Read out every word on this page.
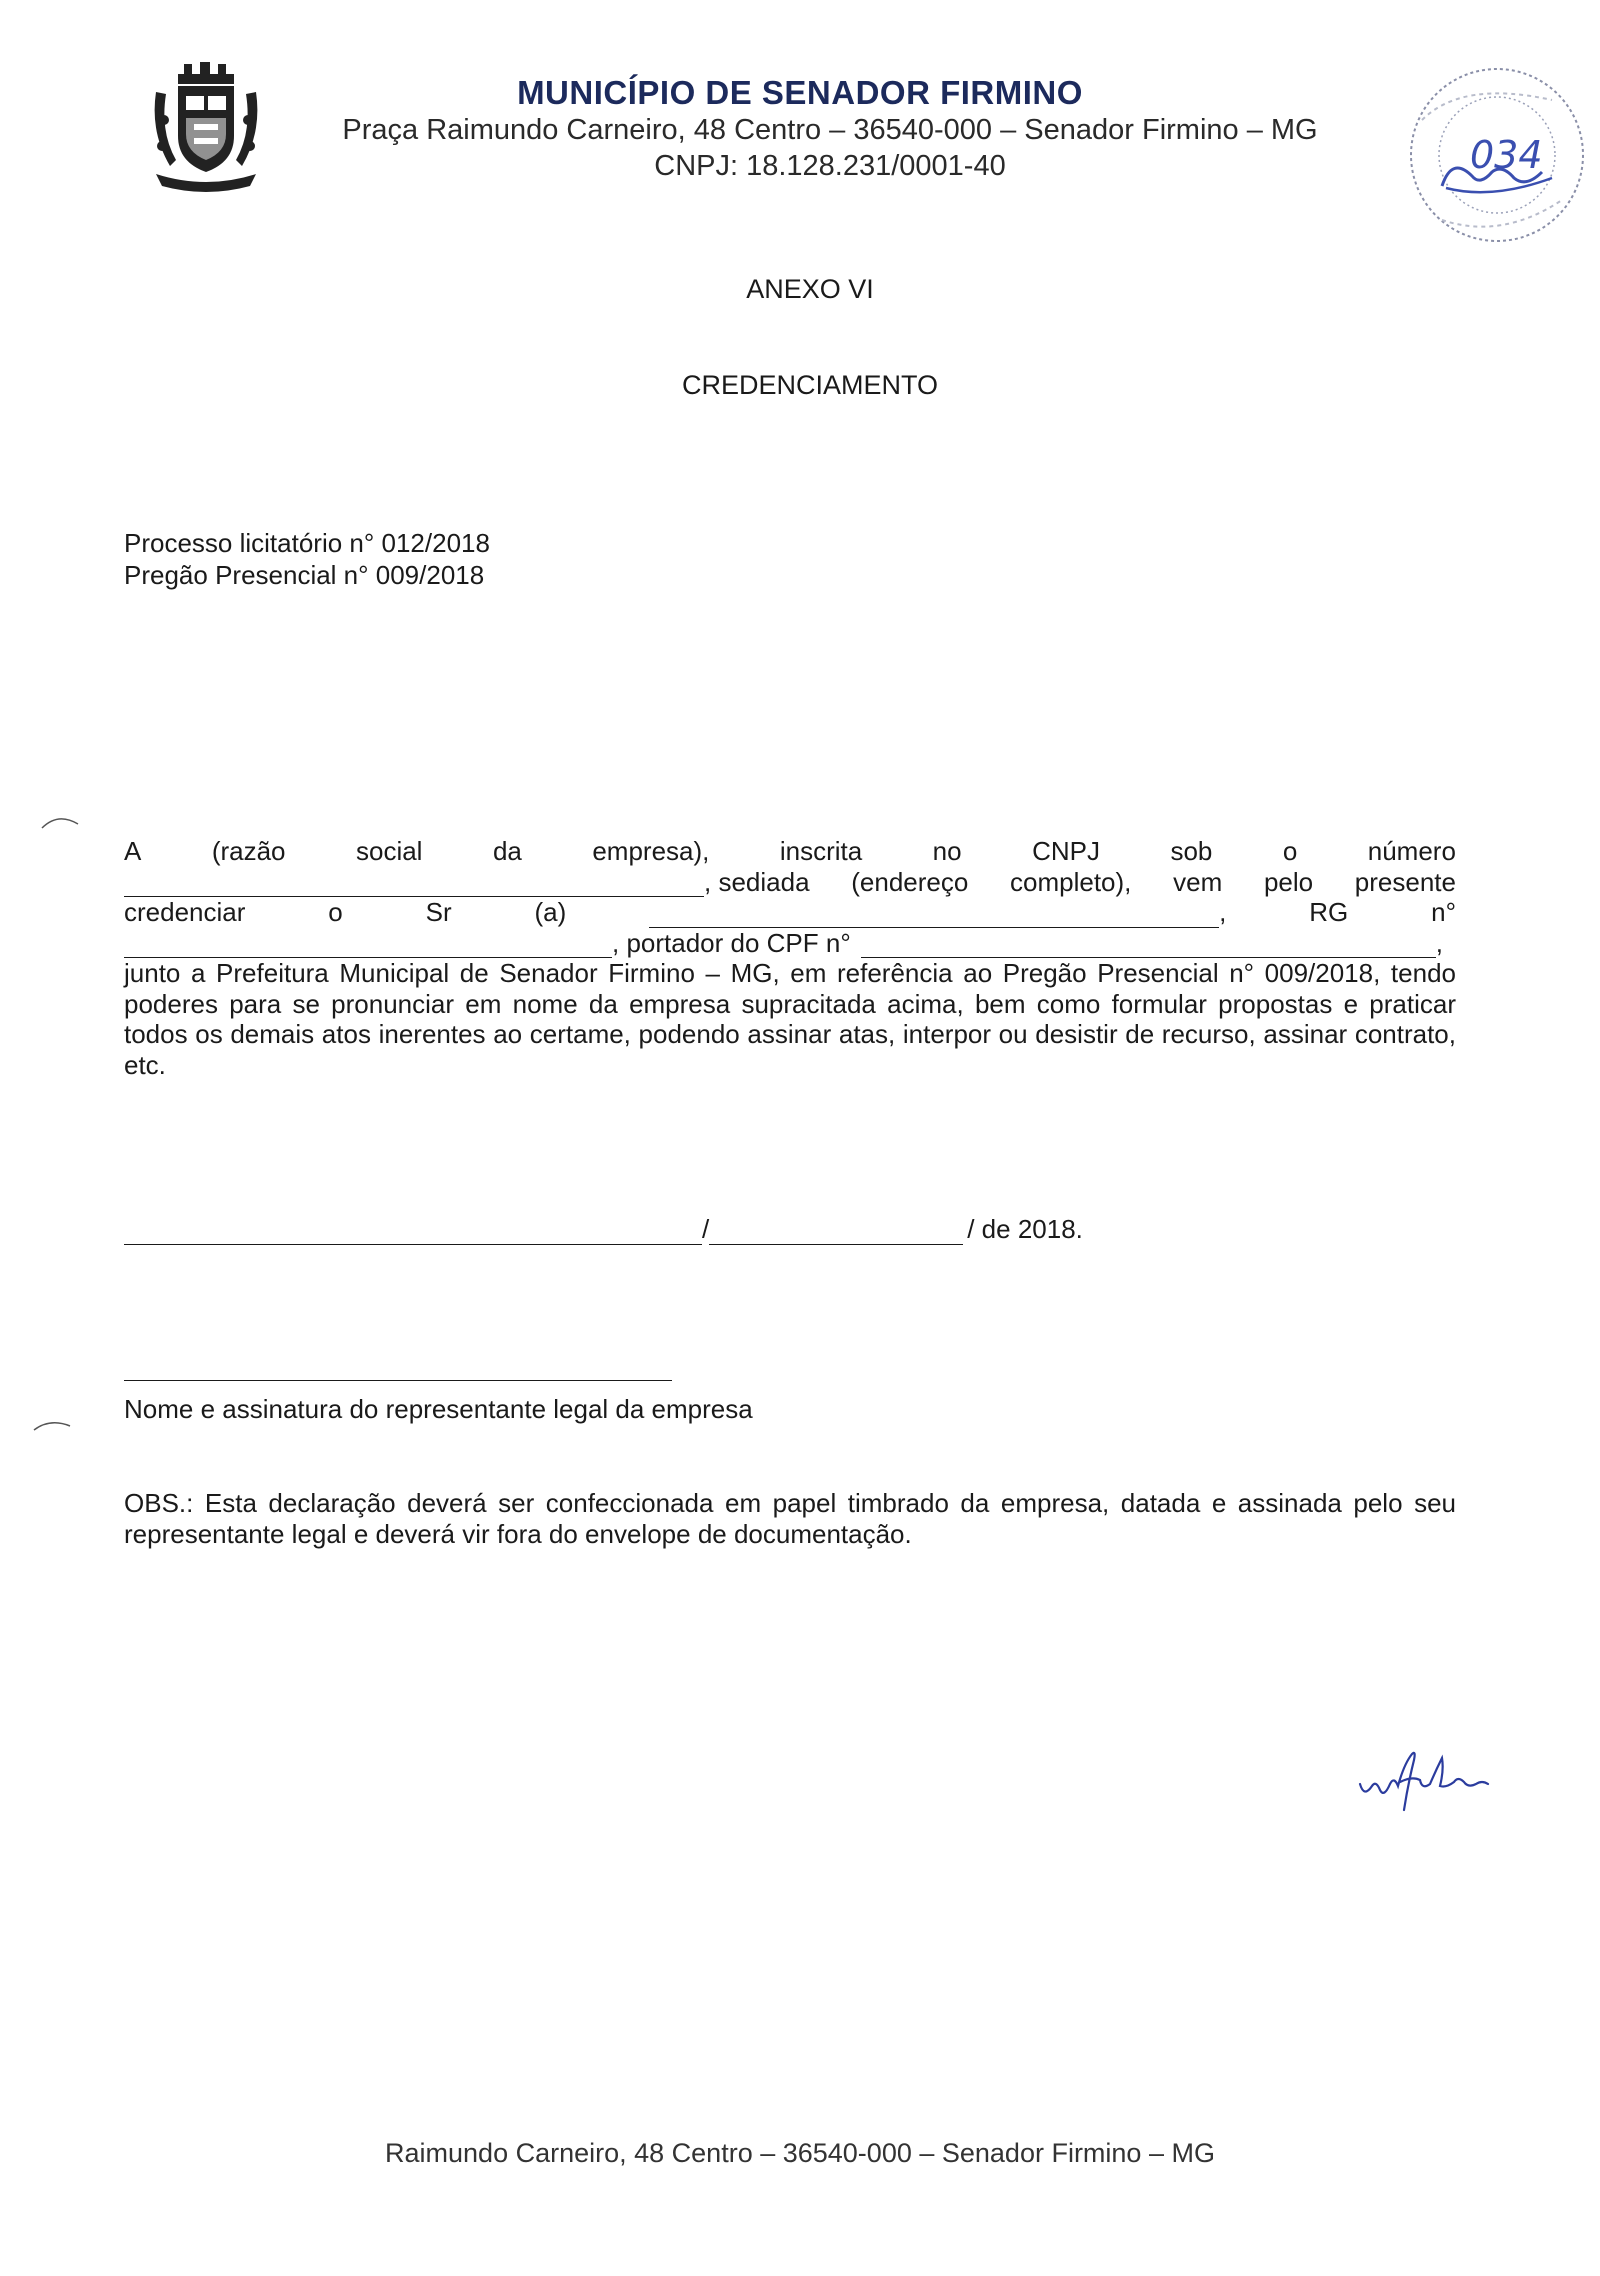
MUNICÍPIO DE SENADOR FIRMINO
Praça Raimundo Carneiro, 48 Centro – 36540-000 – Senador Firmino – MG
CNPJ: 18.128.231/0001-40	034
ANEXO VI
CREDENCIAMENTO
Processo licitatório n° 012/2018
Pregão Presencial n° 009/2018
A	(razão	social	da	empresa),	inscrita	no	CNPJ	sob	o	número
, sediada (endereço completo), vem pelo presente
credenciar	o	Sr	(a)	,	RG	n°
, portador do CPF n°	,
junto a Prefeitura Municipal de Senador Firmino – MG, em referência ao Pregão Presencial n° 009/2018, tendo poderes para se pronunciar em nome da empresa supracitada acima, bem como formular propostas e praticar todos os demais atos inerentes ao certame, podendo assinar atas, interpor ou desistir de recurso, assinar contrato, etc.
/	/ de 2018.
Nome e assinatura do representante legal da empresa
OBS.: Esta declaração deverá ser confeccionada em papel timbrado da empresa, datada e assinada pelo seu representante legal e deverá vir fora do envelope de documentação.
Raimundo Carneiro, 48 Centro – 36540-000 – Senador Firmino – MG
